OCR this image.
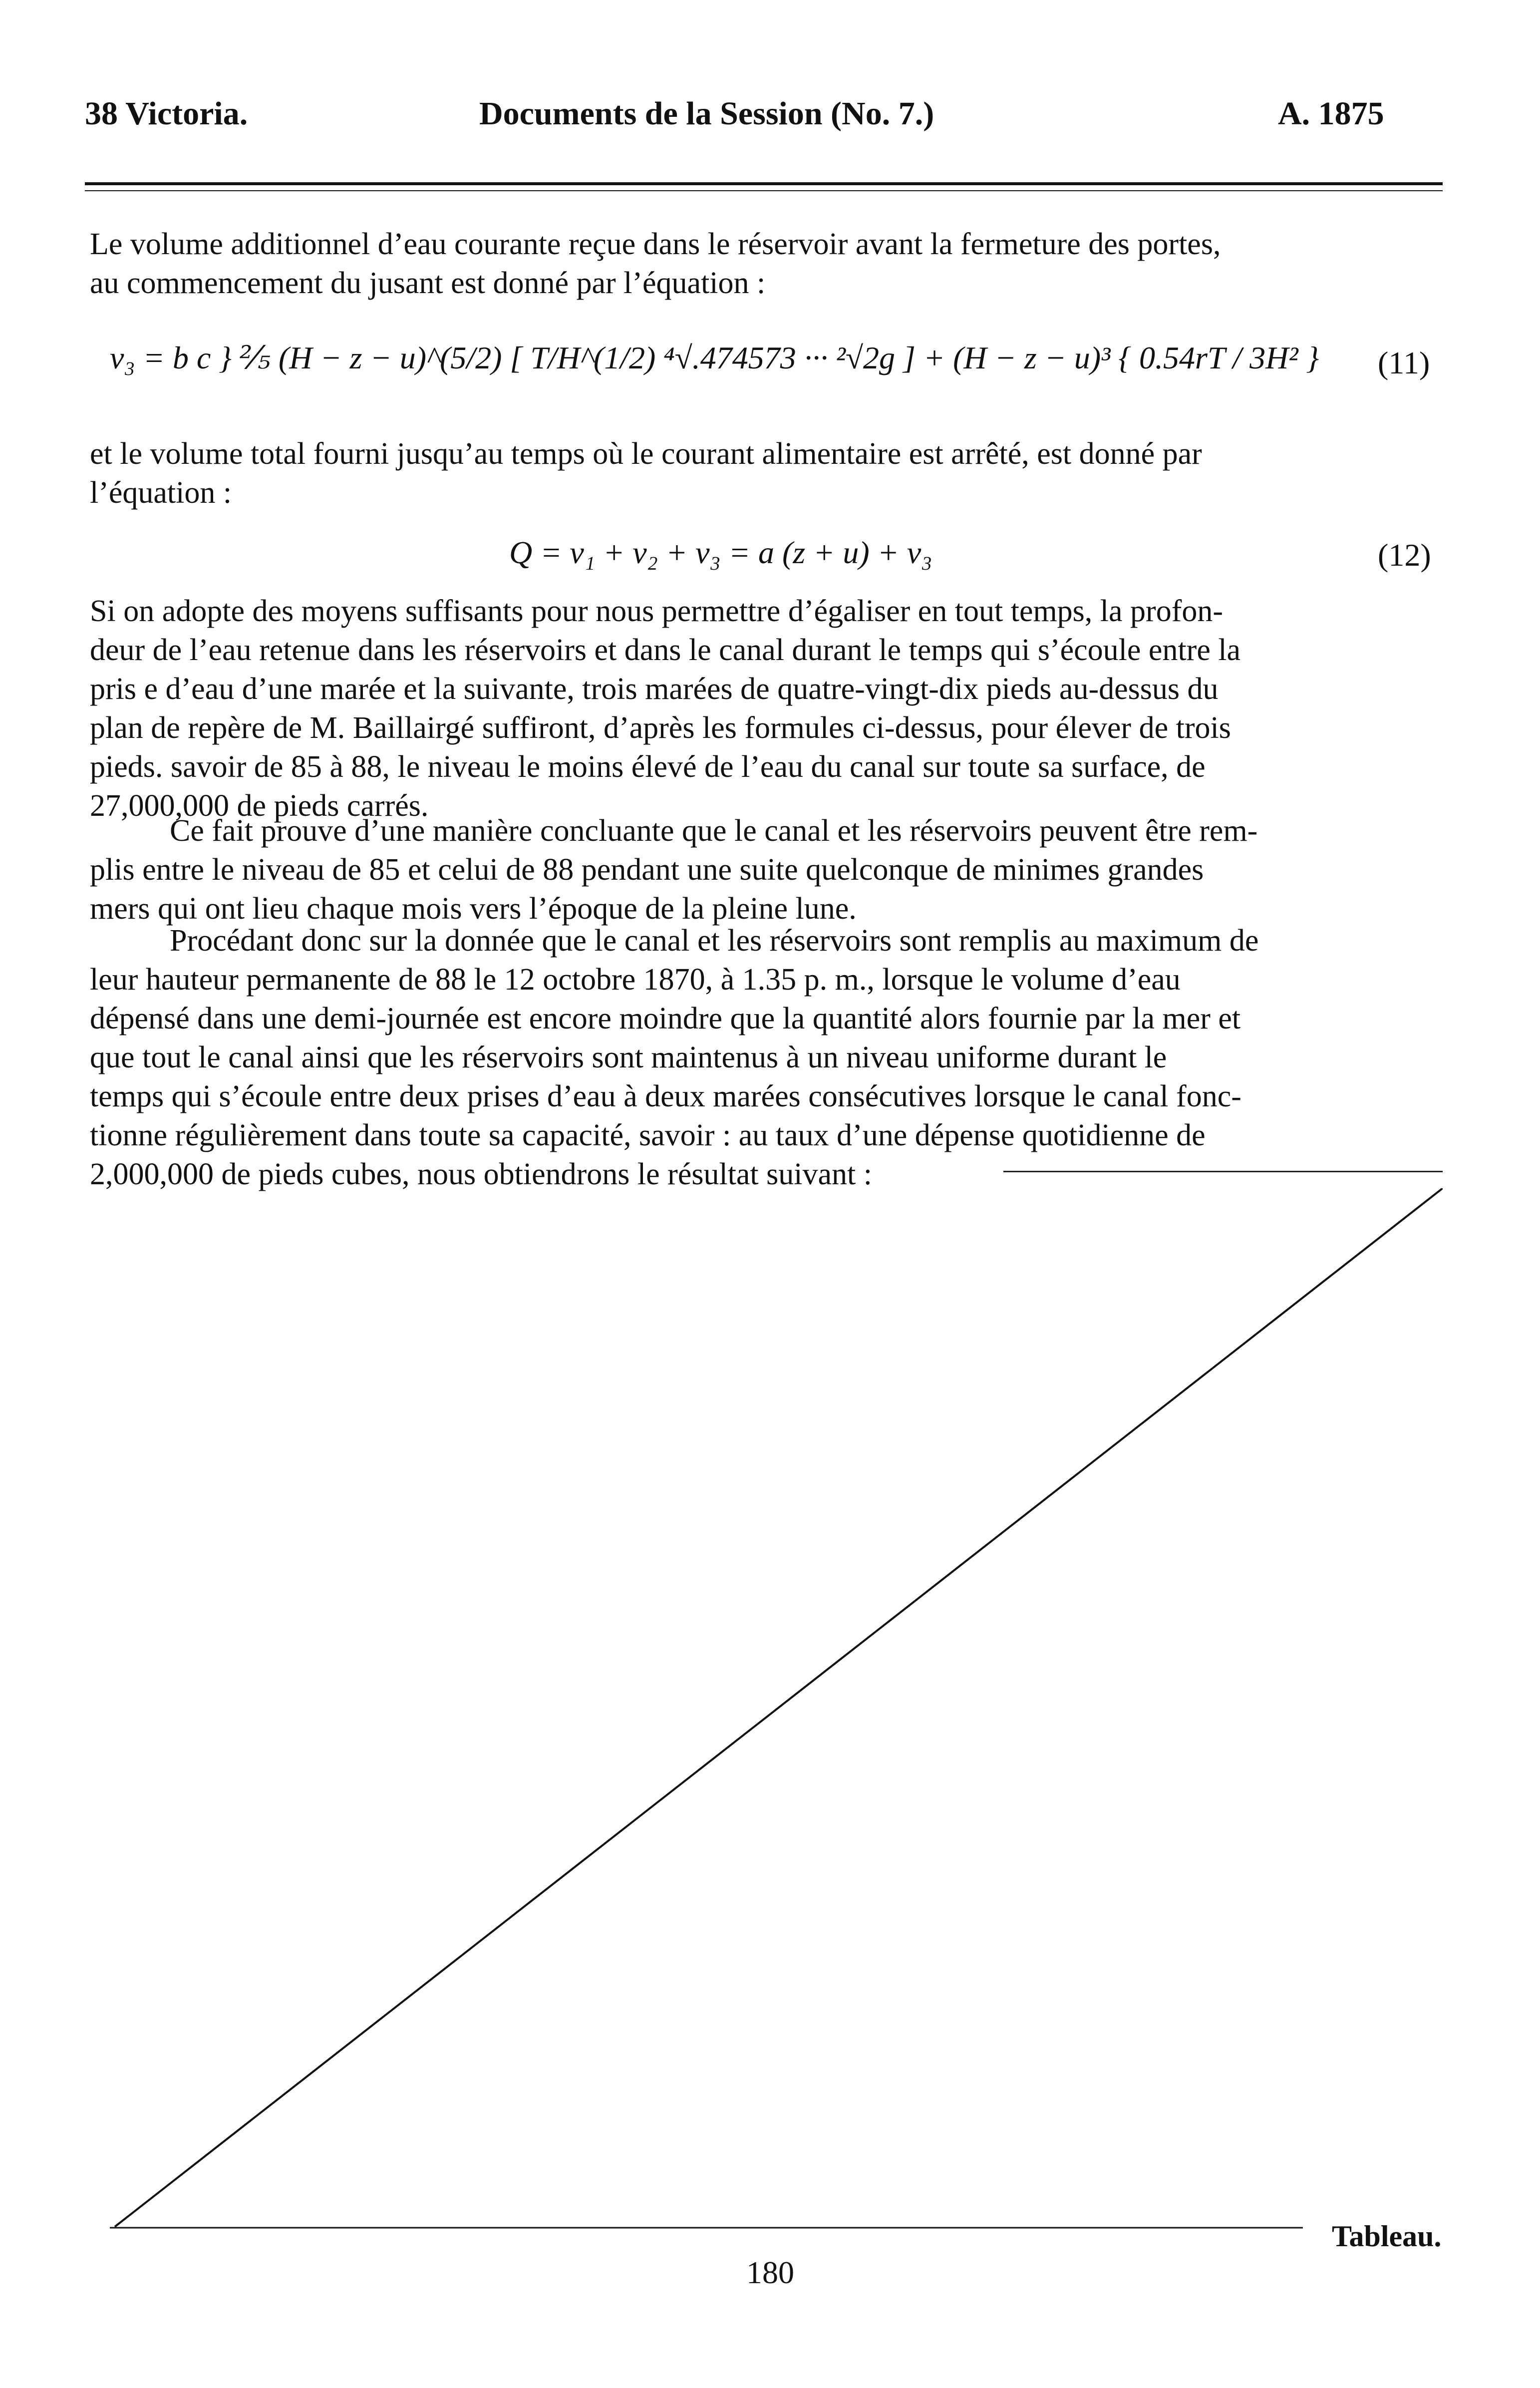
38 Victoria.	Documents de la Session (No. 7.)	A. 1875
Le volume additionnel d’eau courante reçue dans le réservoir avant la fermeture des portes,
au commencement du jusant est donné par l’équation :
v₃ = b c } ⅖ (H − z − u)^(5/2) [ T/H^(1/2) ⁴√.474573 ··· ²√2g ] + (H − z − u)³ { 0.54rT / 3H² } (11)
et le volume total fourni jusqu’au temps où le courant alimentaire est arrêté, est donné par
l’équation :
Q = v₁ + v₂ + v₃ = a (z + u) + v₃	(12)
Si on adopte des moyens suffisants pour nous permettre d’égaliser en tout temps, la profon-
deur de l’eau retenue dans les réservoirs et dans le canal durant le temps qui s’écoule entre la
pris e d’eau d’une marée et la suivante, trois marées de quatre-vingt-dix pieds au-dessus du
plan de repère de M. Baillairgé suffiront, d’après les formules ci-dessus, pour élever de trois
pieds. savoir de 85 à 88, le niveau le moins élevé de l’eau du canal sur toute sa surface, de
27,000,000 de pieds carrés.
Ce fait prouve d’une manière concluante que le canal et les réservoirs peuvent être rem-
plis entre le niveau de 85 et celui de 88 pendant une suite quelconque de minimes grandes
mers qui ont lieu chaque mois vers l’époque de la pleine lune.
Procédant donc sur la donnée que le canal et les réservoirs sont remplis au maximum de
leur hauteur permanente de 88 le 12 octobre 1870, à 1.35 p. m., lorsque le volume d’eau
dépensé dans une demi-journée est encore moindre que la quantité alors fournie par la mer et
que tout le canal ainsi que les réservoirs sont maintenus à un niveau uniforme durant le
temps qui s’écoule entre deux prises d’eau à deux marées consécutives lorsque le canal fonc-
tionne régulièrement dans toute sa capacité, savoir : au taux d’une dépense quotidienne de
2,000,000 de pieds cubes, nous obtiendrons le résultat suivant :
Tableau.
180
